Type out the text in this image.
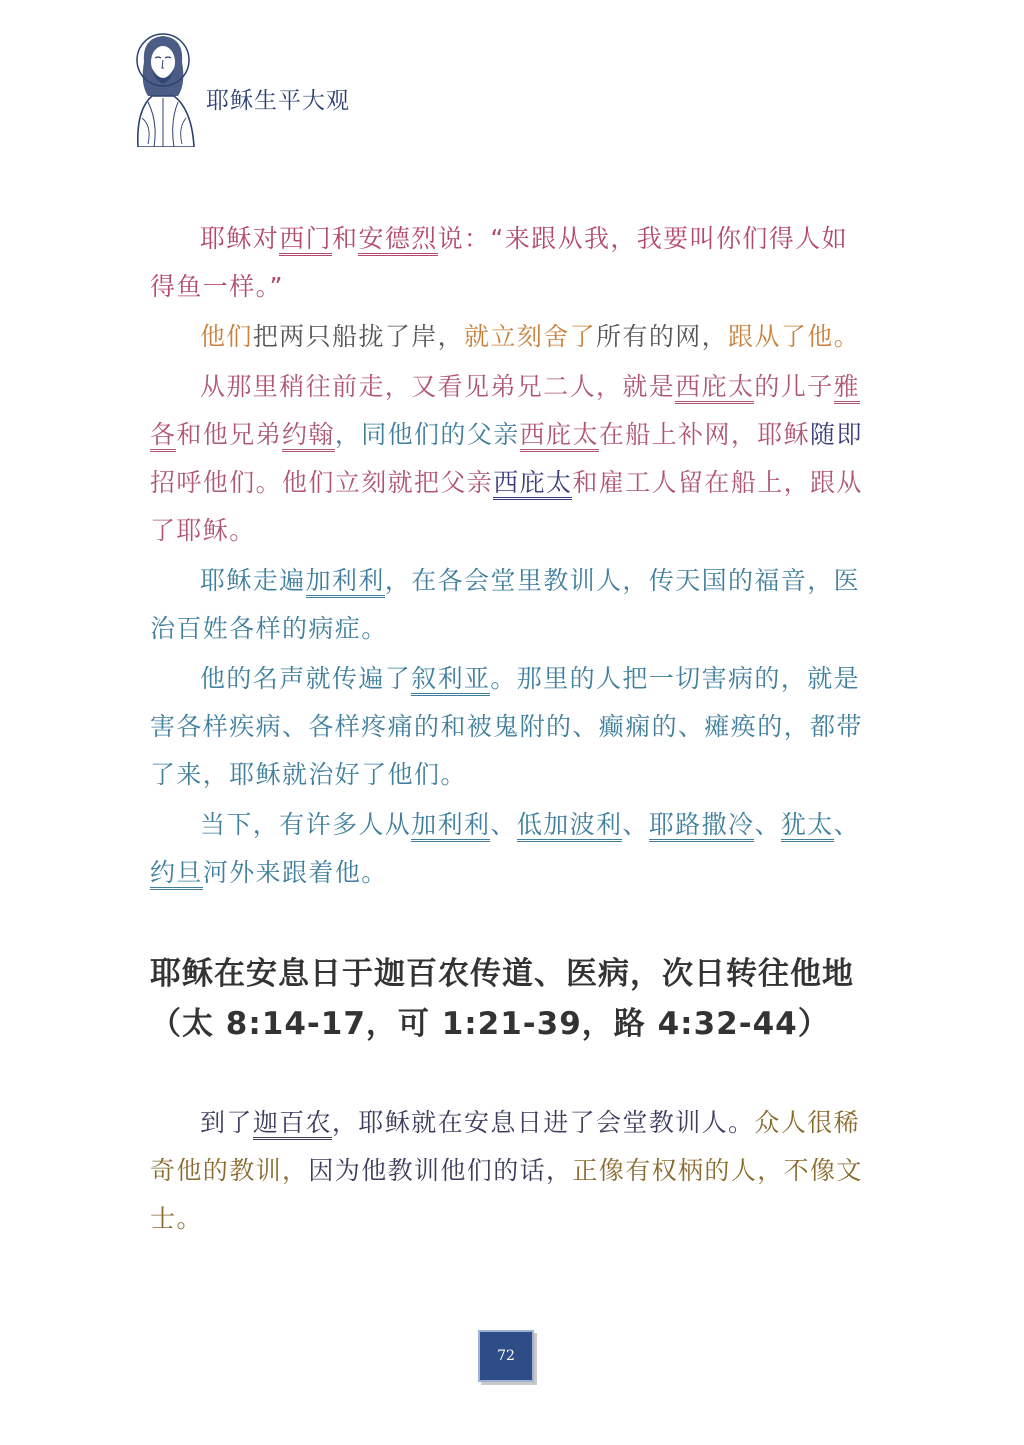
耶稣生平大观

耶稣对西门和安德烈说：“来跟从我，我要叫你们得人如得鱼一样。”

他们把两只船拢了岸，就立刻舍了所有的网，跟从了他。

从那里稍往前走，又看见弟兄二人，就是西庇太的儿子雅各和他兄弟约翰，同他们的父亲西庇太在船上补网，耶稣随即招呼他们。他们立刻就把父亲西庇太和雇工人留在船上，跟从了耶稣。

耶稣走遍加利利，在各会堂里教训人，传天国的福音，医治百姓各样的病症。

他的名声就传遍了叙利亚。那里的人把一切害病的，就是害各样疾病、各样疼痛的和被鬼附的、癫痫的、瘫痪的，都带了来，耶稣就治好了他们。

当下，有许多人从加利利、低加波利、耶路撒冷、犹太、约旦河外来跟着他。

耶稣在安息日于迦百农传道、医病，次日转往他地（太 8:14-17，可 1:21-39，路 4:32-44）

到了迦百农，耶稣就在安息日进了会堂教训人。众人很稀奇他的教训，因为他教训他们的话，正像有权柄的人，不像文士。

72
